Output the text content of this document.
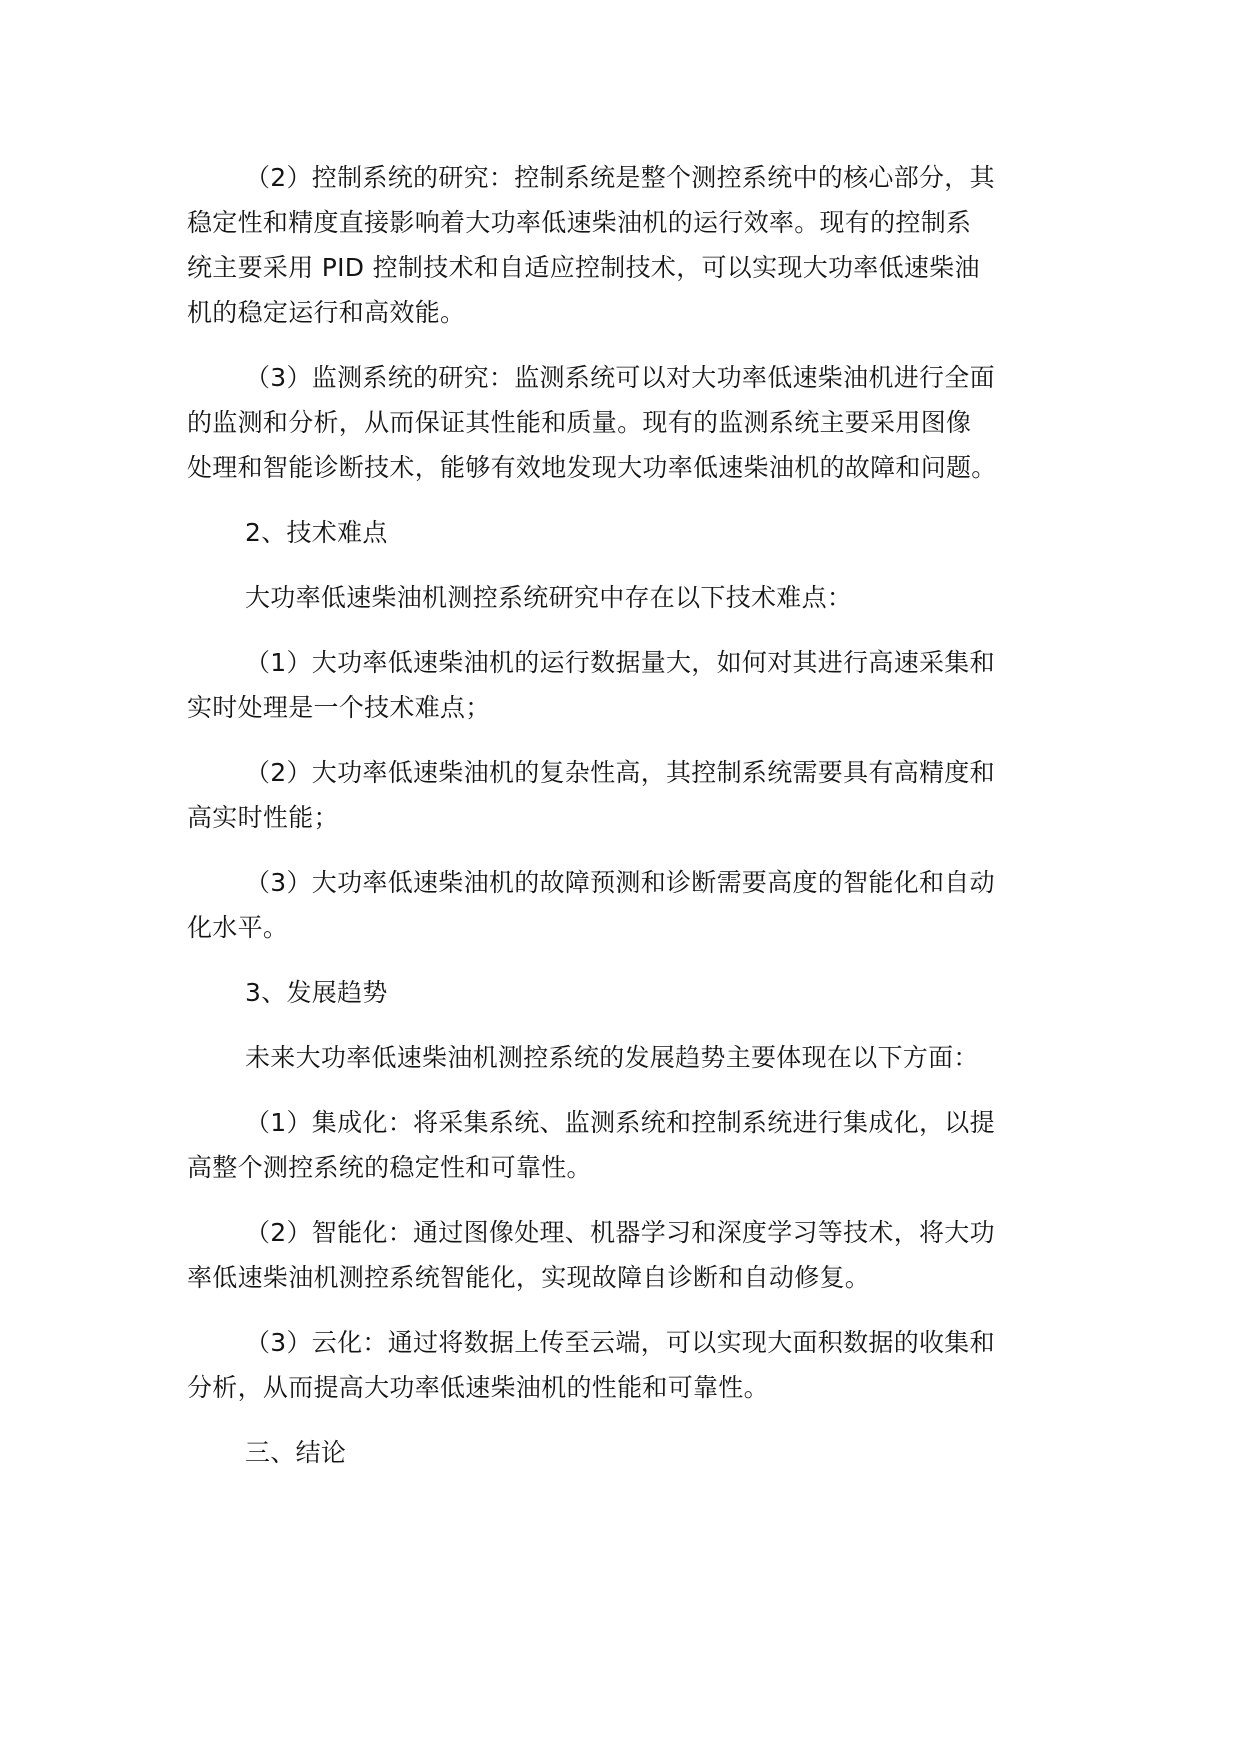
（2）控制系统的研究：控制系统是整个测控系统中的核心部分，其
稳定性和精度直接影响着大功率低速柴油机的运行效率。现有的控制系
统主要采用 PID 控制技术和自适应控制技术，可以实现大功率低速柴油
机的稳定运行和高效能。

（3）监测系统的研究：监测系统可以对大功率低速柴油机进行全面
的监测和分析，从而保证其性能和质量。现有的监测系统主要采用图像
处理和智能诊断技术，能够有效地发现大功率低速柴油机的故障和问题。

2、技术难点

大功率低速柴油机测控系统研究中存在以下技术难点：

（1）大功率低速柴油机的运行数据量大，如何对其进行高速采集和
实时处理是一个技术难点；

（2）大功率低速柴油机的复杂性高，其控制系统需要具有高精度和
高实时性能；

（3）大功率低速柴油机的故障预测和诊断需要高度的智能化和自动
化水平。

3、发展趋势

未来大功率低速柴油机测控系统的发展趋势主要体现在以下方面：

（1）集成化：将采集系统、监测系统和控制系统进行集成化，以提
高整个测控系统的稳定性和可靠性。

（2）智能化：通过图像处理、机器学习和深度学习等技术，将大功
率低速柴油机测控系统智能化，实现故障自诊断和自动修复。

（3）云化：通过将数据上传至云端，可以实现大面积数据的收集和
分析，从而提高大功率低速柴油机的性能和可靠性。

三、结论
